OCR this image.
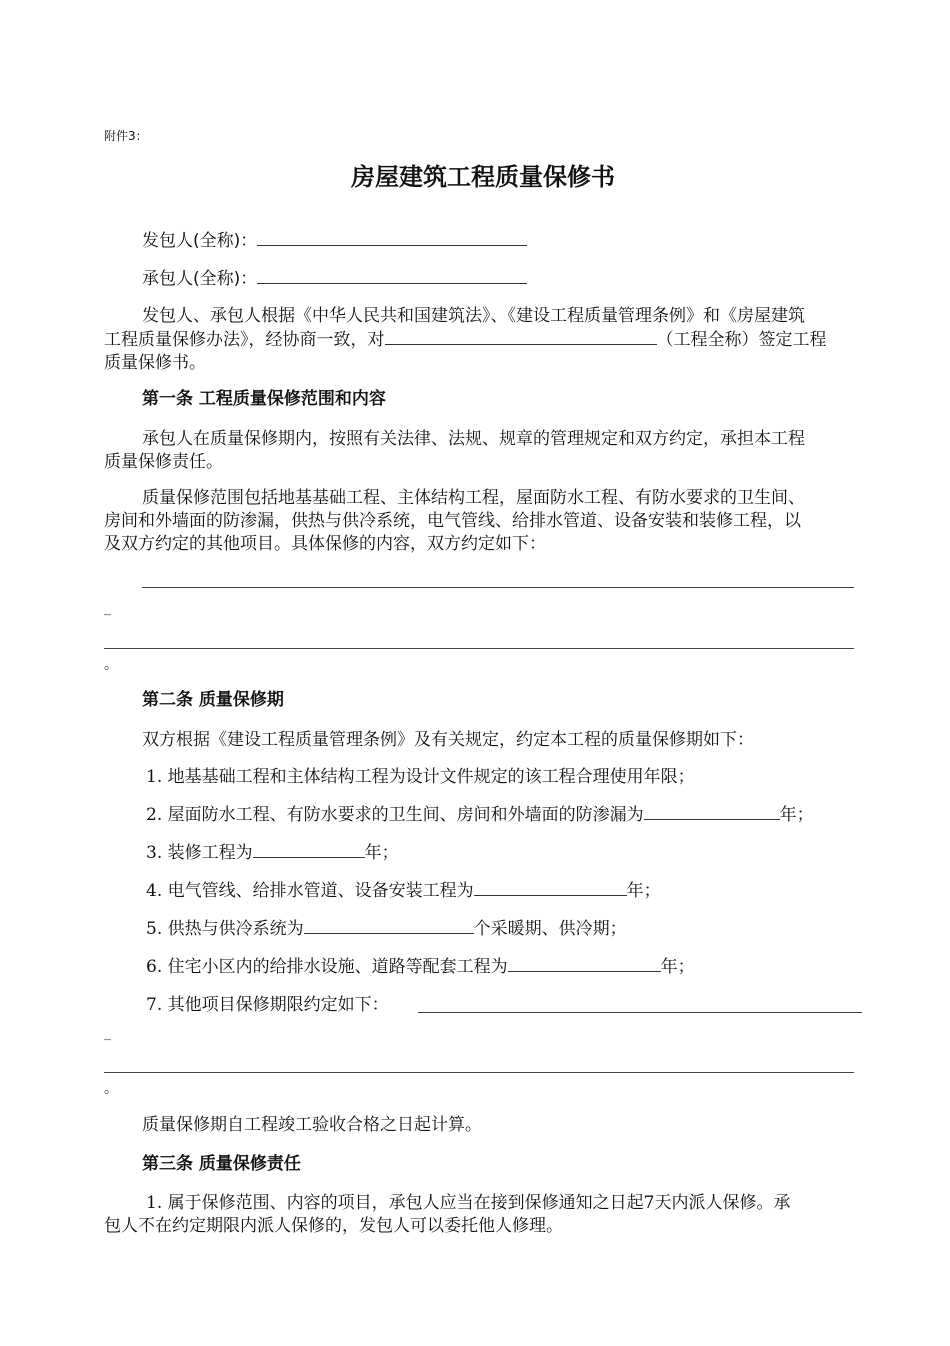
附件3：
房屋建筑工程质量保修书
发包人(全称)：
承包人(全称)：
发包人、承包人根据《中华人民共和国建筑法》、《建设工程质量管理条例》和《房屋建筑
工程质量保修办法》，经协商一致，对	（工程全称）签定工程
质量保修书。
第一条 工程质量保修范围和内容
承包人在质量保修期内，按照有关法律、法规、规章的管理规定和双方约定，承担本工程
质量保修责任。
质量保修范围包括地基基础工程、主体结构工程，屋面防水工程、有防水要求的卫生间、
房间和外墙面的防渗漏，供热与供冷系统，电气管线、给排水管道、设备安装和装修工程，以
及双方约定的其他项目。具体保修的内容，双方约定如下：
_
。
第二条 质量保修期
双方根据《建设工程质量管理条例》及有关规定，约定本工程的质量保修期如下：
1. 地基基础工程和主体结构工程为设计文件规定的该工程合理使用年限；
2. 屋面防水工程、有防水要求的卫生间、房间和外墙面的防渗漏为	年；
3. 装修工程为	年；
4. 电气管线、给排水管道、设备安装工程为	年；
5. 供热与供冷系统为	个采暖期、供冷期；
6. 住宅小区内的给排水设施、道路等配套工程为	年；
7. 其他项目保修期限约定如下：
_
。
质量保修期自工程竣工验收合格之日起计算。
第三条 质量保修责任
1. 属于保修范围、内容的项目，承包人应当在接到保修通知之日起7天内派人保修。承
包人不在约定期限内派人保修的，发包人可以委托他人修理。
